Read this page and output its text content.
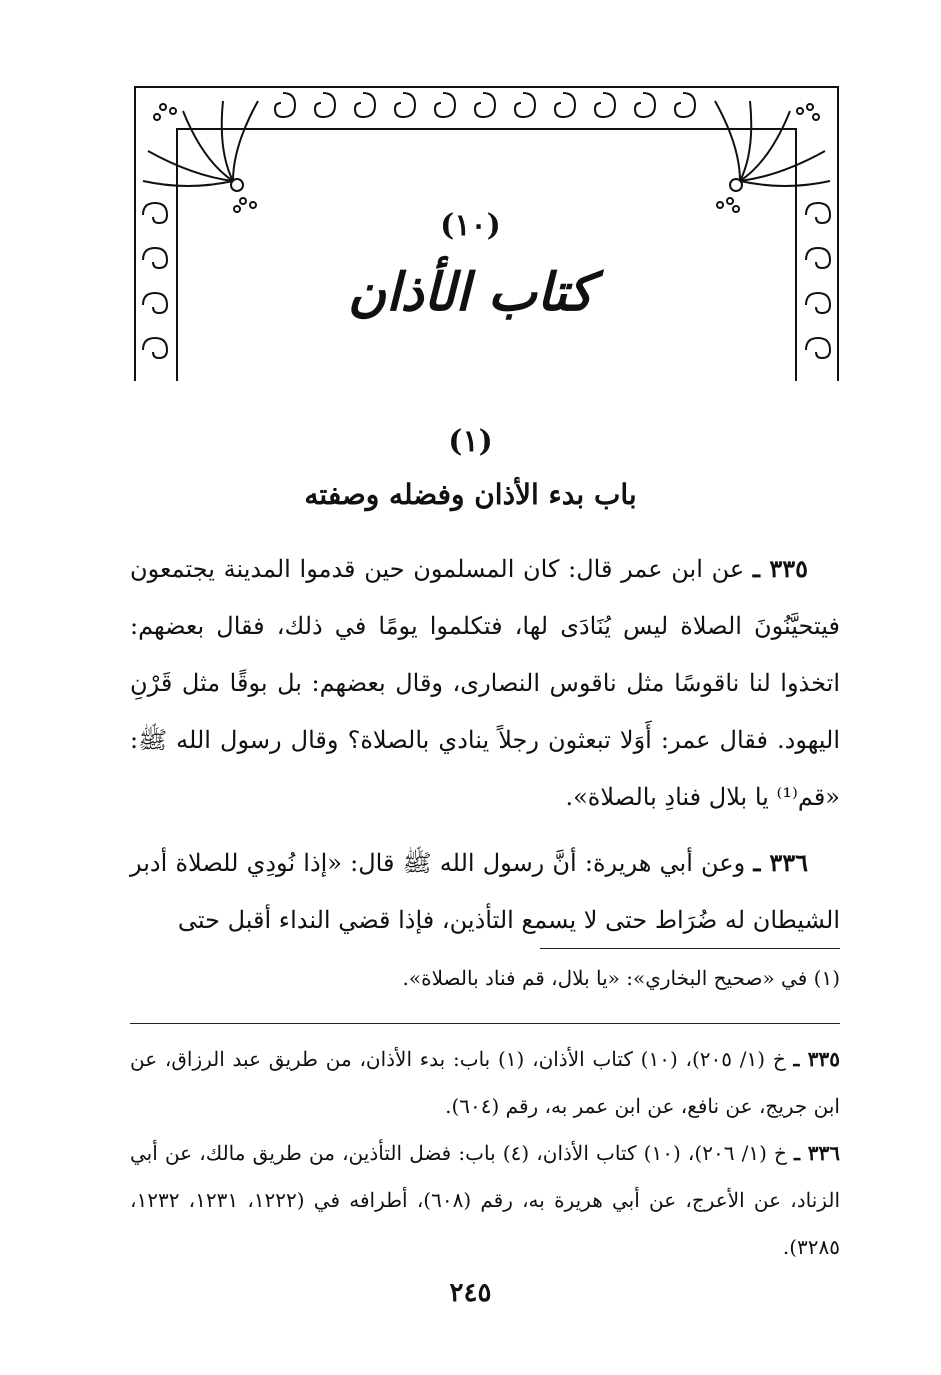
(١٠)
كتاب الأذان
(١)
باب بدء الأذان وفضله وصفته

٣٣٥ ـ عن ابن عمر قال: كان المسلمون حين قدموا المدينة يجتمعون فيتحيَّنُونَ الصلاة ليس يُنَادَى لها، فتكلموا يومًا في ذلك، فقال بعضهم: اتخذوا لنا ناقوسًا مثل ناقوس النصارى، وقال بعضهم: بل بوقًا مثل قَرْنِ اليهود. فقال عمر: أَوَلا تبعثون رجلاً ينادي بالصلاة؟ وقال رسول الله ﷺ: «قم⁽¹⁾ يا بلال فنادِ بالصلاة».

٣٣٦ ـ وعن أبي هريرة: أنَّ رسول الله ﷺ قال: «إذا نُودِي للصلاة أدبر الشيطان له ضُرَاط حتى لا يسمع التأذين، فإذا قضي النداء أقبل حتى

(١) في «صحيح البخاري»: «يا بلال، قم فناد بالصلاة».

٣٣٥ ـ خ (١/ ٢٠٥)، (١٠) كتاب الأذان، (١) باب: بدء الأذان، من طريق عبد الرزاق، عن ابن جريج، عن نافع، عن ابن عمر به، رقم (٦٠٤).

٣٣٦ ـ خ (١/ ٢٠٦)، (١٠) كتاب الأذان، (٤) باب: فضل التأذين، من طريق مالك، عن أبي الزناد، عن الأعرج، عن أبي هريرة به، رقم (٦٠٨)، أطرافه في (١٢٢٢، ١٢٣١، ١٢٣٢، ٣٢٨٥).

٢٤٥
